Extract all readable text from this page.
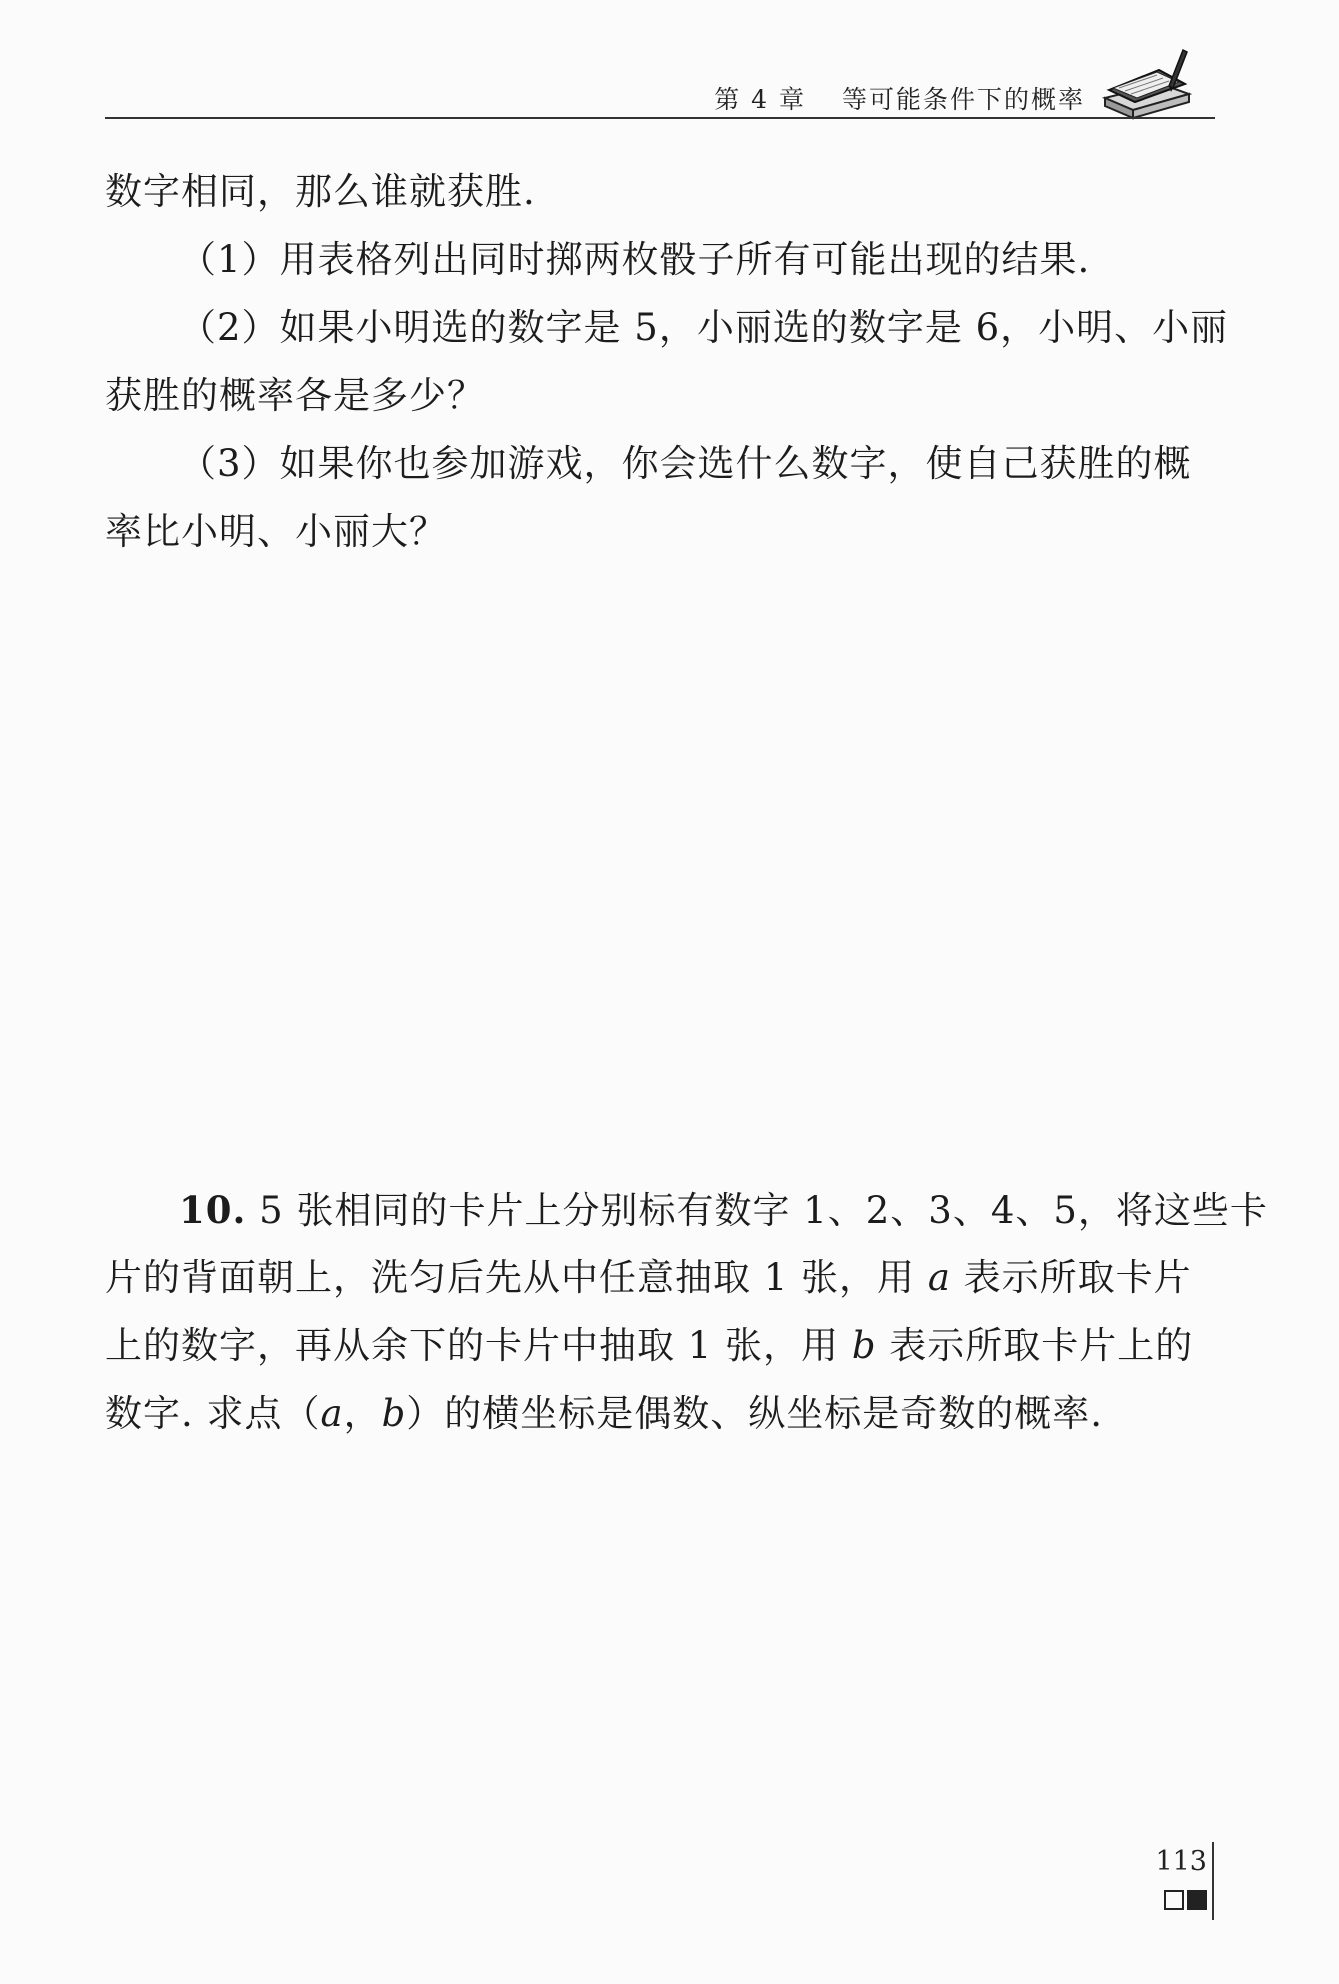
第 4 章 等可能条件下的概率
数字相同，那么谁就获胜.
（1）用表格列出同时掷两枚骰子所有可能出现的结果.
（2）如果小明选的数字是 5，小丽选的数字是 6，小明、小丽
获胜的概率各是多少？
（3）如果你也参加游戏，你会选什么数字，使自己获胜的概
率比小明、小丽大？
10. 5 张相同的卡片上分别标有数字 1、2、3、4、5，将这些卡
片的背面朝上，洗匀后先从中任意抽取 1 张，用 a 表示所取卡片
上的数字，再从余下的卡片中抽取 1 张，用 b 表示所取卡片上的
数字. 求点（a，b）的横坐标是偶数、纵坐标是奇数的概率.
113
